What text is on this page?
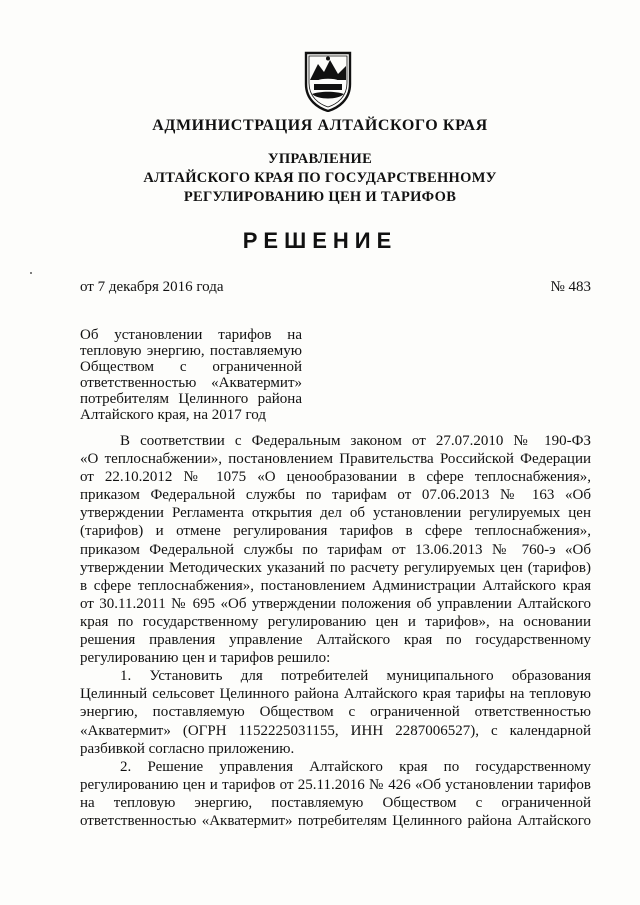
АДМИНИСТРАЦИЯ АЛТАЙСКОГО КРАЯ
УПРАВЛЕНИЕ
АЛТАЙСКОГО КРАЯ ПО ГОСУДАРСТВЕННОМУ
РЕГУЛИРОВАНИЮ ЦЕН И ТАРИФОВ
РЕШЕНИЕ
от 7 декабря 2016 года	№ 483
Об установлении тарифов на
тепловую энергию, поставляемую
Обществом с ограниченной
ответственностью «Акватермит»
потребителям Целинного района
Алтайского края, на 2017 год
В соответствии с Федеральным законом от 27.07.2010 № 190-ФЗ
«О теплоснабжении», постановлением Правительства Российской Федерации
от 22.10.2012 № 1075 «О ценообразовании в сфере теплоснабжения»,
приказом Федеральной службы по тарифам от 07.06.2013 № 163 «Об
утверждении Регламента открытия дел об установлении регулируемых цен
(тарифов) и отмене регулирования тарифов в сфере теплоснабжения»,
приказом Федеральной службы по тарифам от 13.06.2013 № 760-э «Об
утверждении Методических указаний по расчету регулируемых цен (тарифов)
в сфере теплоснабжения», постановлением Администрации Алтайского края
от 30.11.2011 № 695 «Об утверждении положения об управлении Алтайского
края по государственному регулированию цен и тарифов», на основании
решения правления управление Алтайского края по государственному
регулированию цен и тарифов решило:
1. Установить для потребителей муниципального образования
Целинный сельсовет Целинного района Алтайского края тарифы на тепловую
энергию, поставляемую Обществом с ограниченной ответственностью
«Акватермит» (ОГРН 1152225031155, ИНН 2287006527), с календарной
разбивкой согласно приложению.
2. Решение управления Алтайского края по государственному
регулированию цен и тарифов от 25.11.2016 № 426 «Об установлении тарифов
на тепловую энергию, поставляемую Обществом с ограниченной
ответственностью «Акватермит» потребителям Целинного района Алтайского
